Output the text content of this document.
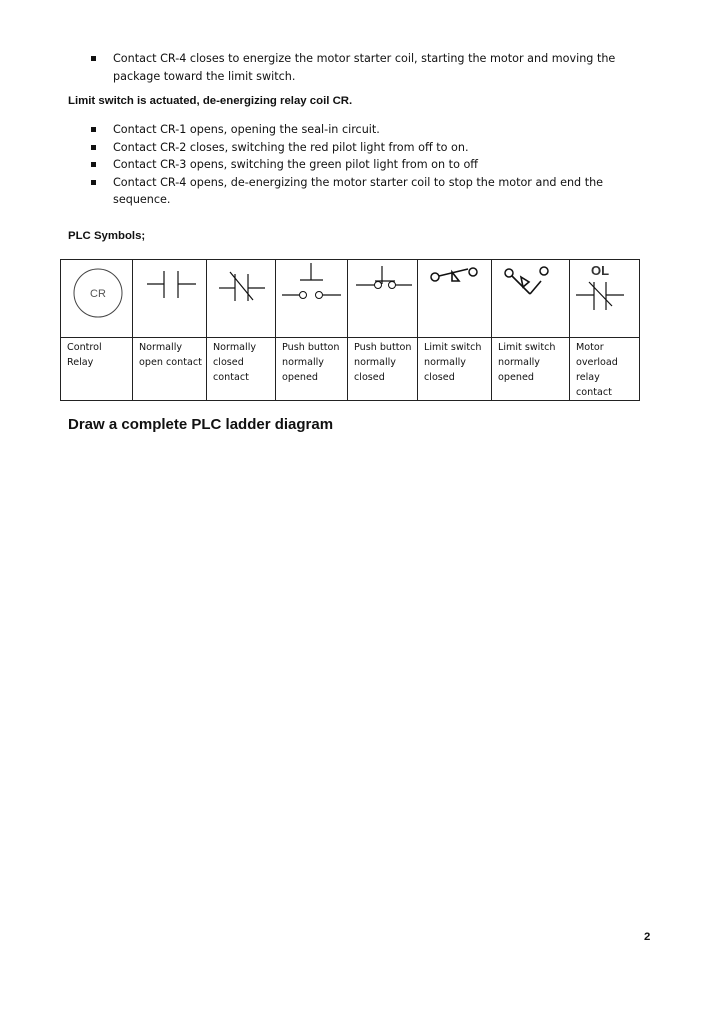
Contact CR-4 closes to energize the motor starter coil, starting the motor and moving the package toward the limit switch.
Limit switch is actuated, de-energizing relay coil CR.
Contact CR-1 opens, opening the seal-in circuit.
Contact CR-2 closes, switching the red pilot light from off to on.
Contact CR-3 opens, switching the green pilot light from on to off
Contact CR-4 opens, de-energizing the motor starter coil to stop the motor and end the sequence.
PLC Symbols;
CR							OL

Control Relay	Normally open contact	Normally closed contact	Push button normally opened	Push button normally closed	Limit switch normally closed	Limit switch normally opened	Motor overload relay contact
Draw a complete PLC ladder diagram
2
